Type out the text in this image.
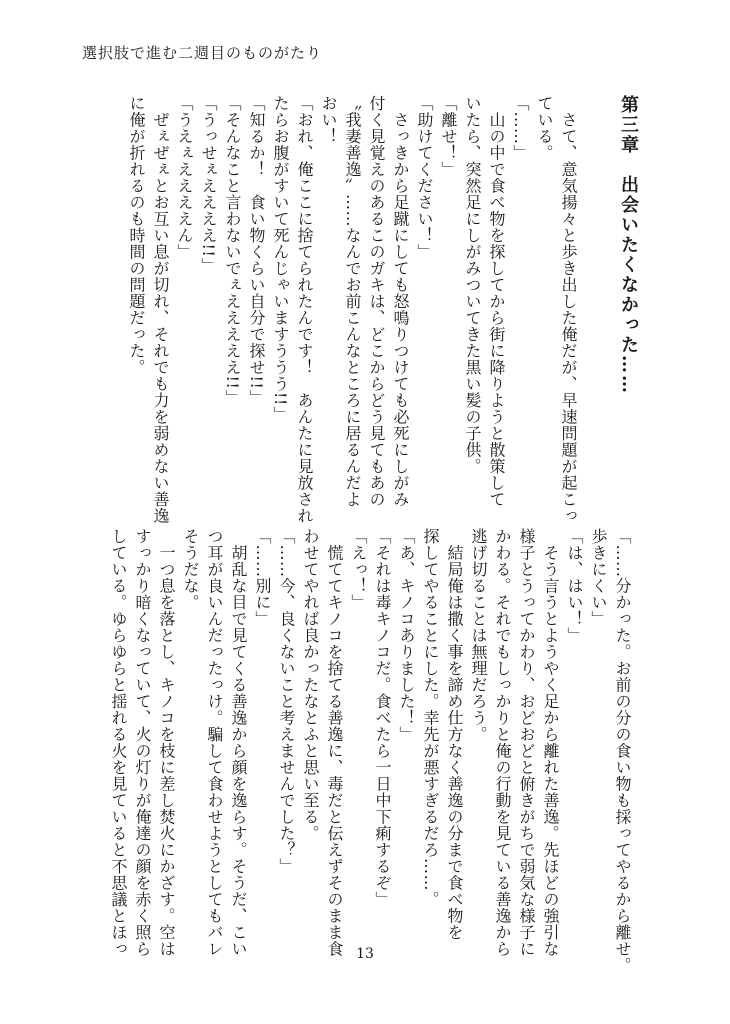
選択肢で進む二週目のものがたり

第三章　出会いたくなかった……

　さて、意気揚々と歩き出した俺だが、早速問題が起こっ

ている。

「……」

　山の中で食べ物を探してから街に降りようと散策して

いたら、突然足にしがみついてきた黒い髪の子供。

「離せ！」

「助けてください！」

　さっきから足蹴にしても怒鳴りつけても必死にしがみ

付く見覚えのあるこのガキは、どこからどう見てもあの

〝我妻善逸〟……なんでお前こんなところに居るんだよ

おい！

「おれ、俺ここに捨てられたんです！　あんたに見放され

たらお腹がすいて死んじゃいますううう!!」

「知るか！　食い物くらい自分で探せ!!」

「そんなこと言わないでぇえええええ!!」

「うっせぇええええ!!」

「うえぇええええん」

　ぜぇぜぇとお互い息が切れ、それでも力を弱めない善逸

に俺が折れるのも時間の問題だった。

「……分かった。お前の分の食い物も採ってやるから離せ。

歩きにくい」

「は、はい！」

　そう言うとようやく足から離れた善逸。先ほどの強引な

様子とうってかわり、おどおどと俯きがちで弱気な様子に

かわる。それでもしっかりと俺の行動を見ている善逸から

逃げ切ることは無理だろう。

　結局俺は撒く事を諦め仕方なく善逸の分まで食べ物を

探してやることにした。幸先が悪すぎるだろ……。

「あ、キノコありました！」

「それは毒キノコだ。食べたら一日中下痢するぞ」

「えっ！」

　慌ててキノコを捨てる善逸に、毒だと伝えずそのまま食

わせてやれば良かったなとふと思い至る。

「……今、良くないこと考えませんでした？」

「……別に」

　胡乱な目で見てくる善逸から顔を逸らす。そうだ、こい

つ耳が良いんだったっけ。騙して食わせようとしてもバレ

そうだな。

　一つ息を落とし、キノコを枝に差し焚火にかざす。空は

すっかり暗くなっていて、火の灯りが俺達の顔を赤く照ら

している。ゆらゆらと揺れる火を見ていると不思議とほっ	13
